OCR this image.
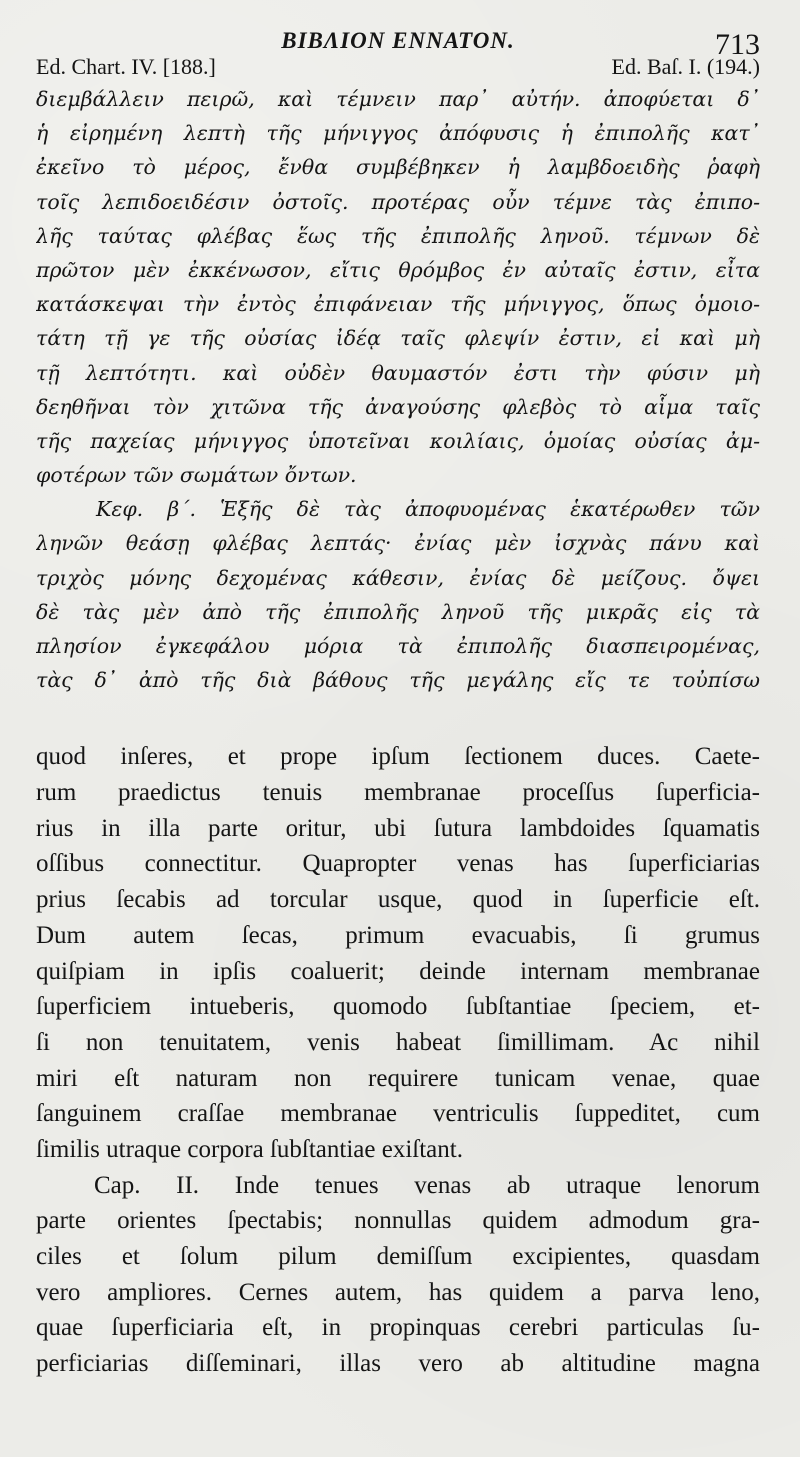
BIBΛΙΟΝ ΕΝΝΑΤΟΝ.	713
Ed. Chart. IV. [188.]	Ed. Baſ. I. (194.)
διεμβάλλειν πειρῶ, καὶ τέμνειν παρ᾽ αὐτήν. ἀποφύεται δ᾽
ἡ εἰρημένη λεπτὴ τῆς μήνιγγος ἀπόφυσις ἡ ἐπιπολῆς κατ᾽
ἐκεῖνο τὸ μέρος, ἔνθα συμβέβηκεν ἡ λαμβδοειδὴς ῥαφὴ
τοῖς λεπιδοειδέσιν ὀστοῖς. προτέρας οὖν τέμνε τὰς ἐπιπο-
λῆς ταύτας φλέβας ἕως τῆς ἐπιπολῆς ληνοῦ. τέμνων δὲ
πρῶτον μὲν ἐκκένωσον, εἴτις θρόμβος ἐν αὐταῖς ἐστιν, εἶτα
κατάσκεψαι τὴν ἐντὸς ἐπιφάνειαν τῆς μήνιγγος, ὅπως ὁμοιο-
τάτη τῇ γε τῆς οὐσίας ἰδέᾳ ταῖς φλεψίν ἐστιν, εἰ καὶ μὴ
τῇ λεπτότητι. καὶ οὐδὲν θαυμαστόν ἐστι τὴν φύσιν μὴ
δεηθῆναι τὸν χιτῶνα τῆς ἀναγούσης φλεβὸς τὸ αἷμα ταῖς
τῆς παχείας μήνιγγος ὑποτεῖναι κοιλίαις, ὁμοίας οὐσίας ἀμ-
φοτέρων τῶν σωμάτων ὄντων.
Κεφ. β΄. Ἑξῆς δὲ τὰς ἀποφυομένας ἑκατέρωθεν τῶν
ληνῶν θεάσῃ φλέβας λεπτάς· ἐνίας μὲν ἰσχνὰς πάνυ καὶ
τριχὸς μόνης δεχομένας κάθεσιν, ἐνίας δὲ μείζους. ὄψει
δὲ τὰς μὲν ἀπὸ τῆς ἐπιπολῆς ληνοῦ τῆς μικρᾶς εἰς τὰ
πλησίον ἐγκεφάλου μόρια τὰ ἐπιπολῆς διασπειρομένας,
τὰς δ᾽ ἀπὸ τῆς διὰ βάθους τῆς μεγάλης εἴς τε τοὐπίσω
quod inſeres, et prope ipſum ſectionem duces. Caete-
rum praedictus tenuis membranae proceſſus ſuperficia-
rius in illa parte oritur, ubi ſutura lambdoides ſquamatis
oſſibus connectitur. Quapropter venas has ſuperficiarias
prius ſecabis ad torcular usque, quod in ſuperficie eſt.
Dum autem ſecas, primum evacuabis, ſi grumus
quiſpiam in ipſis coaluerit; deinde internam membranae
ſuperficiem intueberis, quomodo ſubſtantiae ſpeciem, et-
ſi non tenuitatem, venis habeat ſimillimam. Ac nihil
miri eſt naturam non requirere tunicam venae, quae
ſanguinem craſſae membranae ventriculis ſuppeditet, cum
ſimilis utraque corpora ſubſtantiae exiſtant.
Cap. II. Inde tenues venas ab utraque lenorum
parte orientes ſpectabis; nonnullas quidem admodum gra-
ciles et ſolum pilum demiſſum excipientes, quasdam
vero ampliores. Cernes autem, has quidem a parva leno,
quae ſuperficiaria eſt, in propinquas cerebri particulas ſu-
perficiarias diſſeminari, illas vero ab altitudine magna
